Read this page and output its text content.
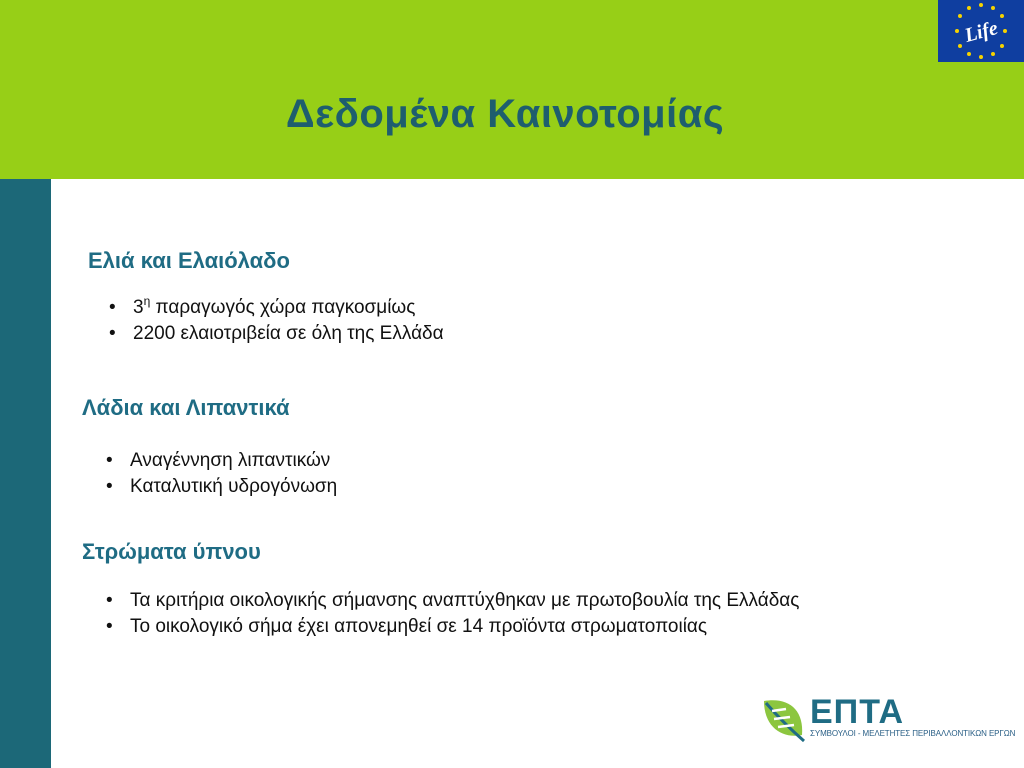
Life
Δεδομένα Καινοτομίας
Ελιά και Ελαιόλαδο
• $3^\eta$ παραγωγός χώρα παγκοσμίως
• 2200 ελαιοτριβεία σε όλη της Ελλάδα
Λάδια και Λιπαντικά
• Αναγέννηση λιπαντικών
• Καταλυτική υδρογόνωση
Στρώματα ύπνου
• Τα κριτήρια οικολογικής σήμανσης αναπτύχθηκαν με πρωτοβουλία της Ελλάδας
• Το οικολογικό σήμα έχει απονεμηθεί σε 14 προϊόντα στρωματοποιίας
ΕΠΤΑ
ΣΥΜΒΟΥΛΟΙ - ΜΕΛΕΤΗΤΕΣ ΠΕΡΙΒΑΛΛΟΝΤΙΚΩΝ ΕΡΓΩΝ
